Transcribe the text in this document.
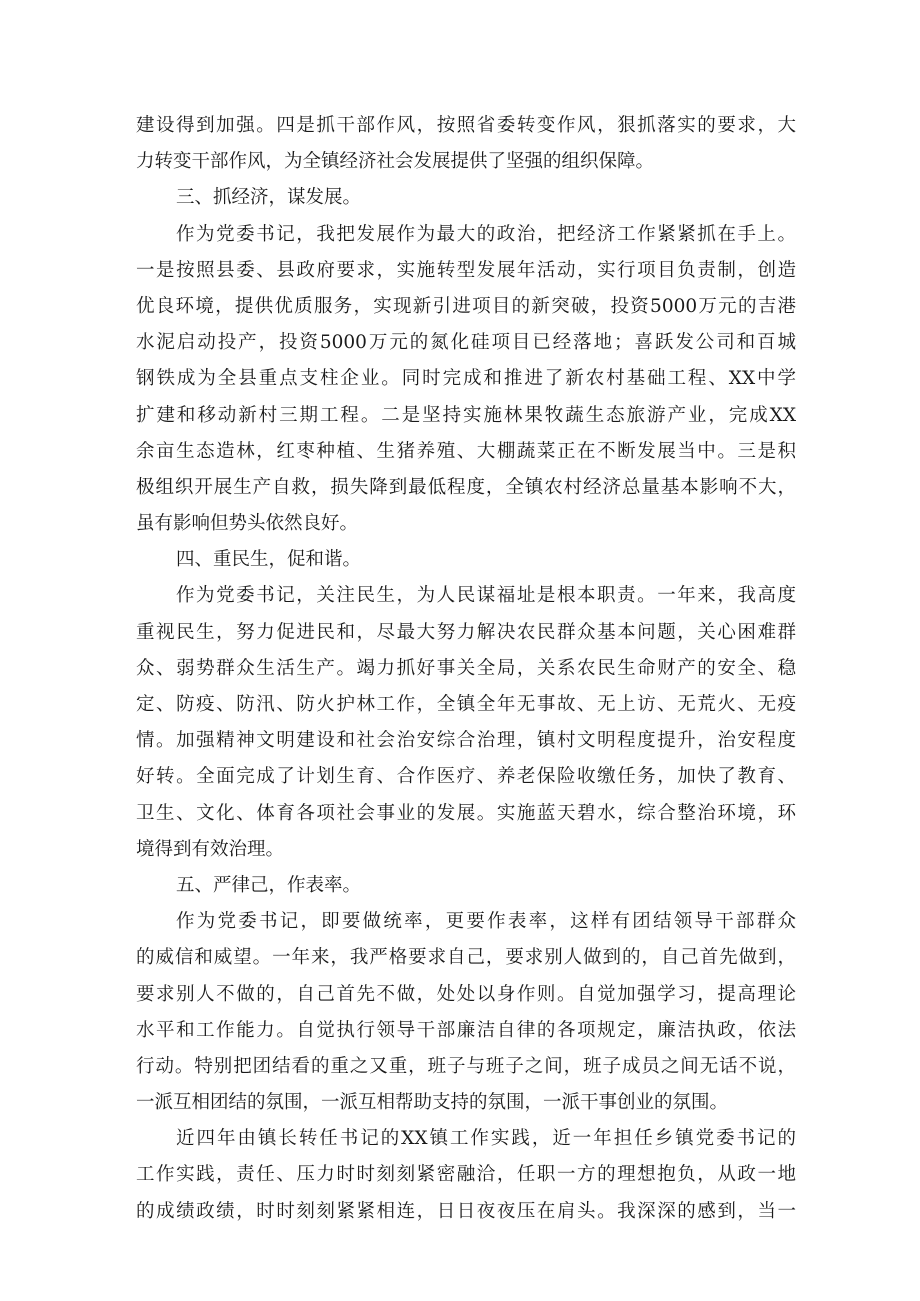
建设得到加强。四是抓干部作风，按照省委转变作风，狠抓落实的要求，大
力转变干部作风，为全镇经济社会发展提供了坚强的组织保障。
三、抓经济，谋发展。
作为党委书记，我把发展作为最大的政治，把经济工作紧紧抓在手上。
一是按照县委、县政府要求，实施转型发展年活动，实行项目负责制，创造
优良环境，提供优质服务，实现新引进项目的新突破，投资5000万元的吉港
水泥启动投产，投资5000万元的氮化硅项目已经落地；喜跃发公司和百城
钢铁成为全县重点支柱企业。同时完成和推进了新农村基础工程、XX中学
扩建和移动新村三期工程。二是坚持实施林果牧蔬生态旅游产业，完成XX
余亩生态造林，红枣种植、生猪养殖、大棚蔬菜正在不断发展当中。三是积
极组织开展生产自救，损失降到最低程度，全镇农村经济总量基本影响不大，
虽有影响但势头依然良好。
四、重民生，促和谐。
作为党委书记，关注民生，为人民谋福址是根本职责。一年来，我高度
重视民生，努力促进民和，尽最大努力解决农民群众基本问题，关心困难群
众、弱势群众生活生产。竭力抓好事关全局，关系农民生命财产的安全、稳
定、防疫、防汛、防火护林工作，全镇全年无事故、无上访、无荒火、无疫
情。加强精神文明建设和社会治安综合治理，镇村文明程度提升，治安程度
好转。全面完成了计划生育、合作医疗、养老保险收缴任务，加快了教育、
卫生、文化、体育各项社会事业的发展。实施蓝天碧水，综合整治环境，环
境得到有效治理。
五、严律己，作表率。
作为党委书记，即要做统率，更要作表率，这样有团结领导干部群众
的威信和威望。一年来，我严格要求自己，要求别人做到的，自己首先做到，
要求别人不做的，自己首先不做，处处以身作则。自觉加强学习，提高理论
水平和工作能力。自觉执行领导干部廉洁自律的各项规定，廉洁执政，依法
行动。特别把团结看的重之又重，班子与班子之间，班子成员之间无话不说，
一派互相团结的氛围，一派互相帮助支持的氛围，一派干事创业的氛围。
近四年由镇长转任书记的XX镇工作实践，近一年担任乡镇党委书记的
工作实践，责任、压力时时刻刻紧密融洽，任职一方的理想抱负，从政一地
的成绩政绩，时时刻刻紧紧相连，日日夜夜压在肩头。我深深的感到，当一
